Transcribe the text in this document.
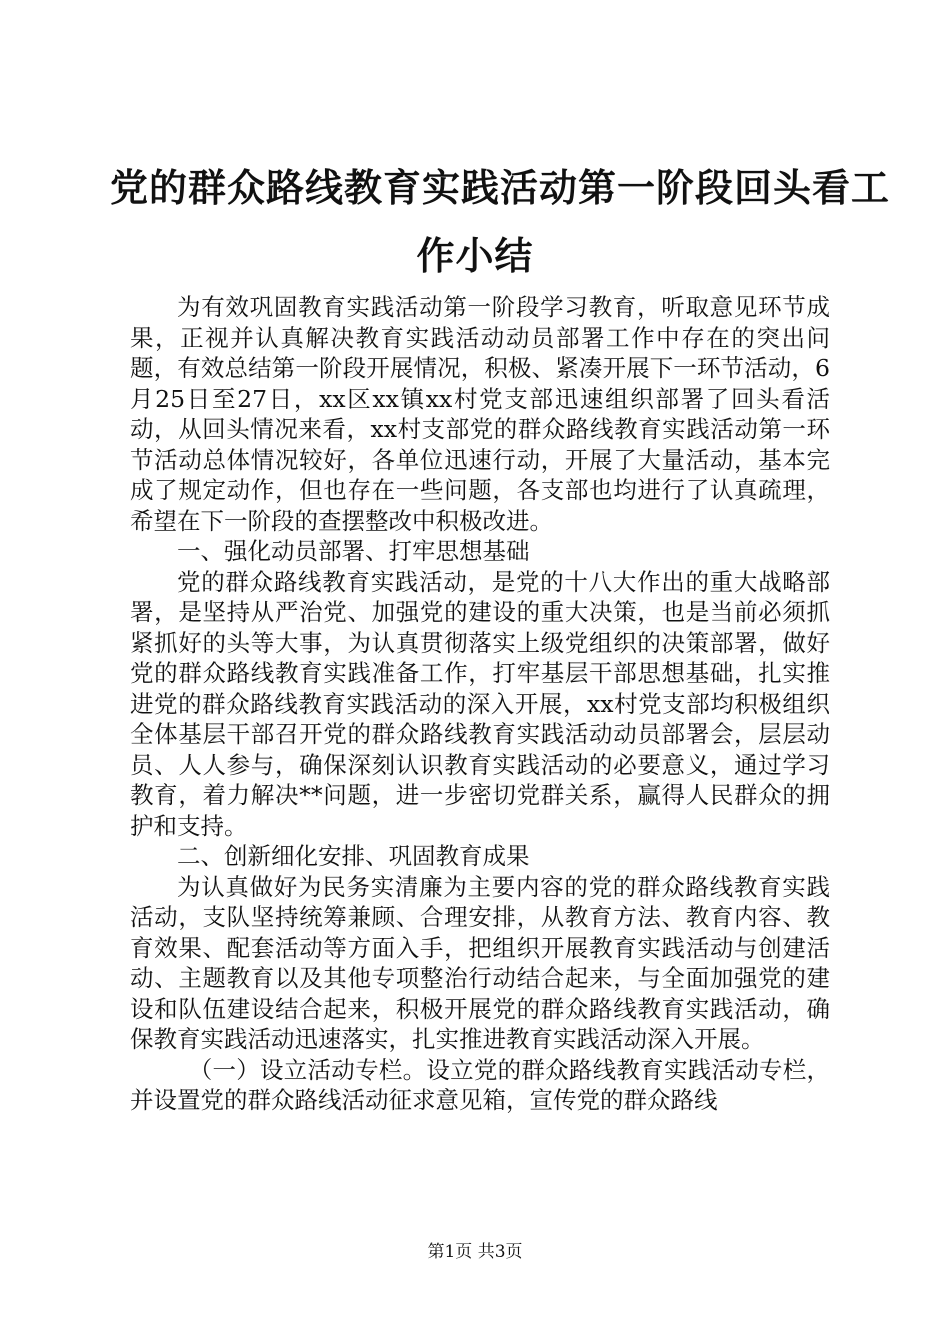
党的群众路线教育实践活动第一阶段回头看工
作小结

为有效巩固教育实践活动第一阶段学习教育，听取意见环节成果，正视并认真解决教育实践活动动员部署工作中存在的突出问题，有效总结第一阶段开展情况，积极、紧凑开展下一环节活动，6月25日至27日，xx区xx镇xx村党支部迅速组织部署了回头看活动，从回头情况来看，xx村支部党的群众路线教育实践活动第一环节活动总体情况较好，各单位迅速行动，开展了大量活动，基本完成了规定动作，但也存在一些问题，各支部也均进行了认真疏理，希望在下一阶段的查摆整改中积极改进。

一、强化动员部署、打牢思想基础

党的群众路线教育实践活动，是党的十八大作出的重大战略部署，是坚持从严治党、加强党的建设的重大决策，也是当前必须抓紧抓好的头等大事，为认真贯彻落实上级党组织的决策部署，做好党的群众路线教育实践准备工作，打牢基层干部思想基础，扎实推进党的群众路线教育实践活动的深入开展，xx村党支部均积极组织全体基层干部召开党的群众路线教育实践活动动员部署会，层层动员、人人参与，确保深刻认识教育实践活动的必要意义，通过学习教育，着力解决**问题，进一步密切党群关系，赢得人民群众的拥护和支持。

二、创新细化安排、巩固教育成果

为认真做好为民务实清廉为主要内容的党的群众路线教育实践活动，支队坚持统筹兼顾、合理安排，从教育方法、教育内容、教育效果、配套活动等方面入手，把组织开展教育实践活动与创建活动、主题教育以及其他专项整治行动结合起来，与全面加强党的建设和队伍建设结合起来，积极开展党的群众路线教育实践活动，确保教育实践活动迅速落实，扎实推进教育实践活动深入开展。

（一）设立活动专栏。设立党的群众路线教育实践活动专栏，并设置党的群众路线活动征求意见箱，宣传党的群众路线

第1页 共3页
